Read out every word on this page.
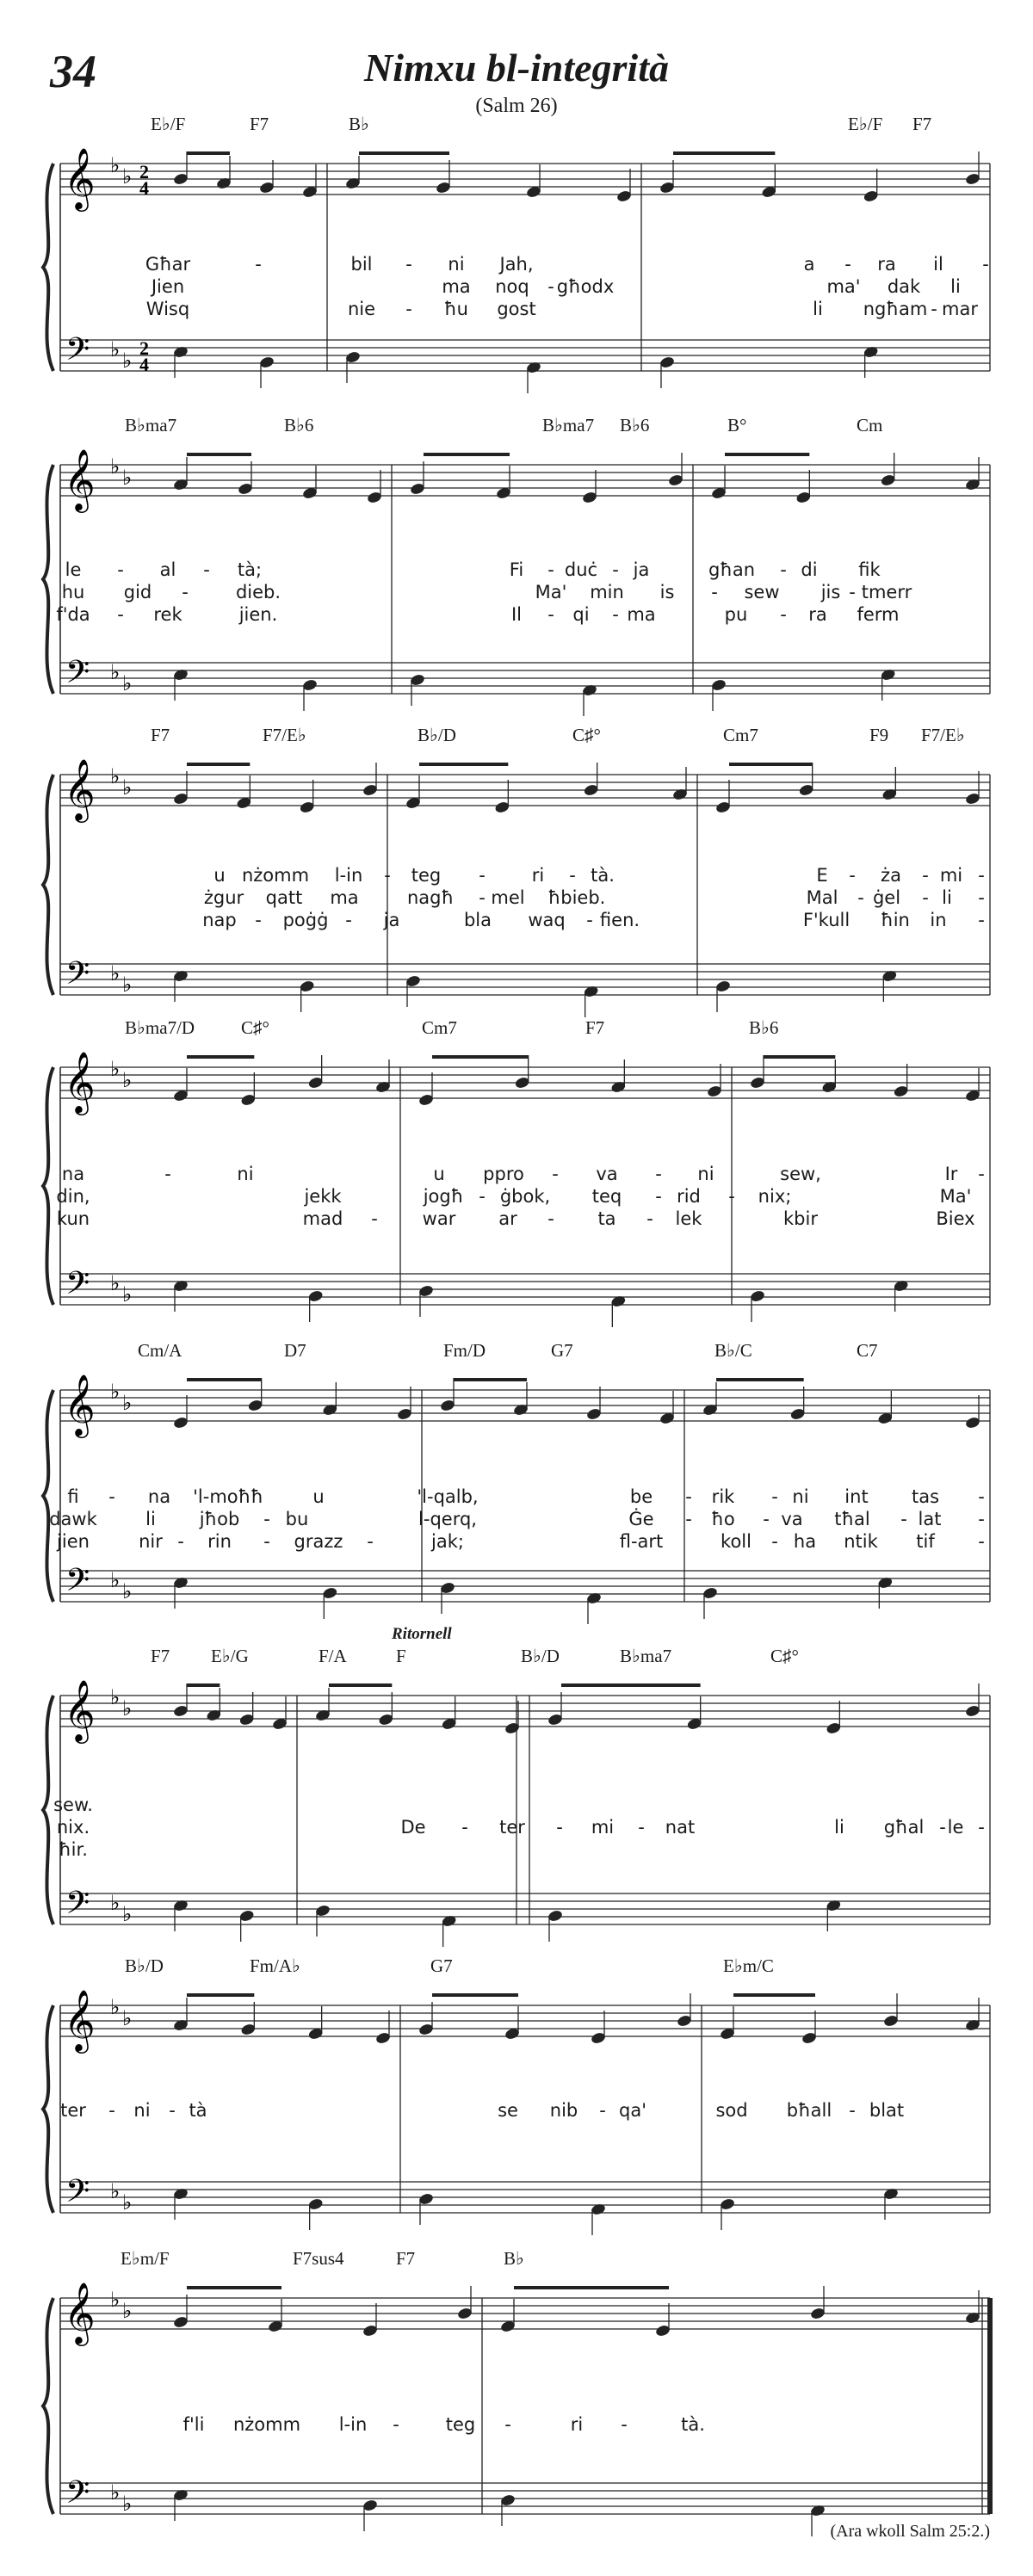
34	Nimxu bl-integrità
(Salm 26)
𝄞
𝄢
♭ ♭
♭ ♭
2
4
2
4
E♭/F	F7	B♭	E♭/F F7
Għar	-	bil - ni Jah,	a - ra il -
Jien	ma noq - għodx	ma' dak li
Wisq	nie - ħu gost	li ngħam - mar
𝄞
𝄢
♭ ♭
♭ ♭
B♭ma7	B♭6	B♭ma7 B♭6	B°	Cm
le - al - tà;	Fi - duċ - ja	għan - di fik
hu gid -	dieb.	Ma' min is - sew jis - tmerr
f'da - rek	jien.	Il - qi - ma	pu - ra ferm
𝄞
𝄢
♭ ♭
♭ ♭
F7	F7/E♭	B♭/D	C♯°	Cm7	F9 F7/E♭
u nżomm l-in - teg -	ri - tà.	E - żа - mi -
żgur qatt ma	nagħ - mel ħbieb.	Mal - ġel - li -
nap - poġġ - ja	bla waq - fien.	F'kull ħin in -
𝄞
𝄢
♭ ♭
♭ ♭
B♭ma7/D	C♯°	Cm7	F7	B♭6
na	-	ni	u ppro - va - ni	sew,	Ir -
din,	jekk	jogħ - ġbok, teq - rid - nix;	Ma'
kun	mad - war ar - ta - lek	kbir	Biex
𝄞
𝄢
♭ ♭
♭ ♭
Cm/A	D7	Fm/D	G7	B♭/C	C7
fi - na 'l-moħħ	u	'l-qalb,	be - rik - ni int tas -
dawk	li jħob - bu	l-qerq,	Ġe - ħo - va tħal - lat -
jien	nir - rin - grazz -	jak;	fl-art	koll - ha ntik tif -
𝄞
𝄢
♭ ♭
♭ ♭
F7 E♭/G	F/A	F	B♭/D	B♭ma7	C♯°
Ritornell
sew.
nix.	De - ter - mi - nat	li għal - le -
ħir.
𝄞
𝄢
♭ ♭
♭ ♭
B♭/D	Fm/A♭	G7	E♭m/C
ter - ni - tà	se nib - qa'	sod bħall - blat
𝄞
𝄢
♭ ♭
♭ ♭
E♭m/F	F7sus4	F7	B♭
f'li nżomm l-in -	teg -	ri -	tà.
(Ara wkoll Salm 25:2.)
